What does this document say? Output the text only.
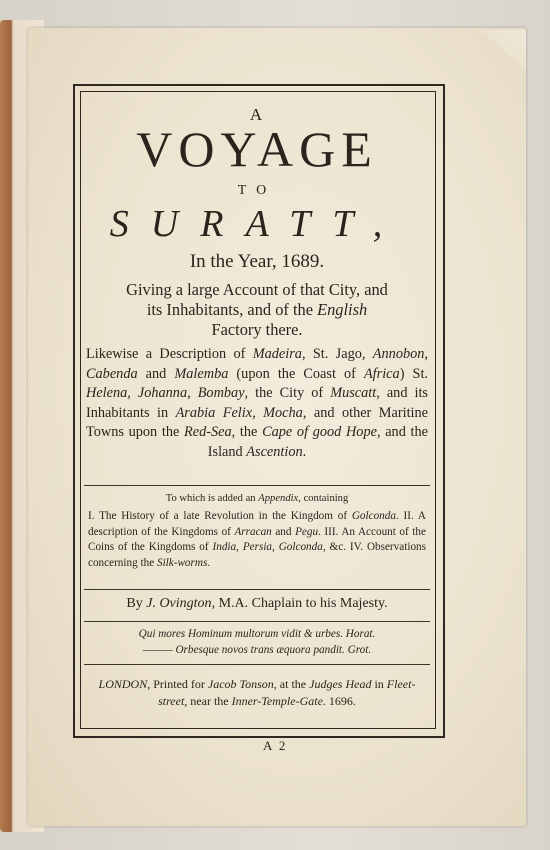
A
VOYAGE
TO
SURATT,
In the Year, 1689.
Giving a large Account of that City, and
its Inhabitants, and of the English
Factory there.
Likewise a Description of Madeira, St. Jago, Annobon, Cabenda and Malemba (upon the Coast of Africa) St. Helena, Johanna, Bombay, the City of Muscatt, and its Inhabitants in Arabia Felix, Mocha, and other Maritine Towns upon the Red-Sea, the Cape of good Hope, and the Island Ascention.
To which is added an Appendix, containing
I. The History of a late Revolution in the Kingdom of Golconda. II. A description of the Kingdoms of Arracan and Pegu. III. An Account of the Coins of the Kingdoms of India, Persia, Golconda, &c. IV. Observations concerning the Silk-worms.
By J. Ovington, M.A. Chaplain to his Majesty.
Qui mores Hominum multorum vidit & urbes. Horat.
——— Orbesque novos trans æquora pandit. Grot.
LONDON, Printed for Jacob Tonson, at the Judges Head in Fleet-street, near the Inner-Temple-Gate. 1696.
A 2
